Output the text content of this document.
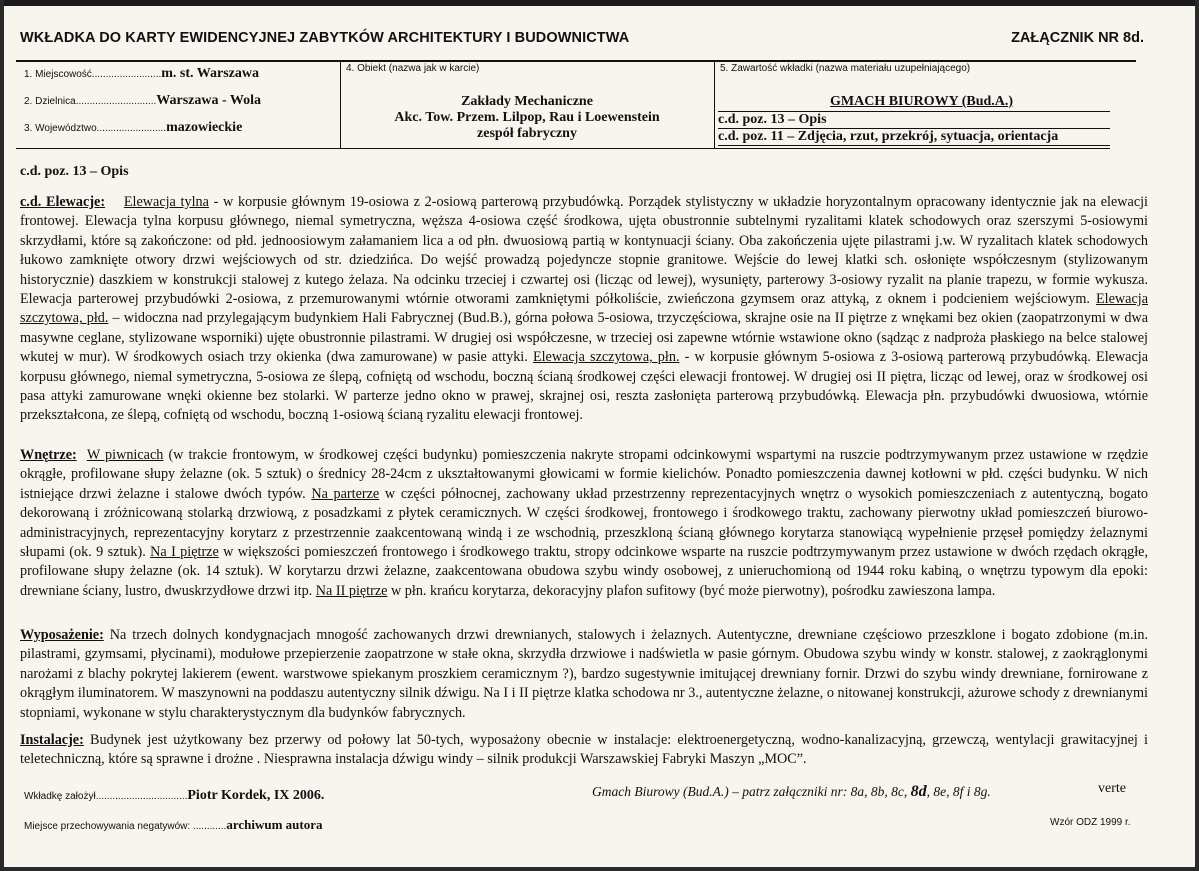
WKŁADKA DO KARTY EWIDENCYJNEJ ZABYTKÓW ARCHITEKTURY I BUDOWNICTWA	ZAŁĄCZNIK NR 8d.
1. Miejscowość.........................m. st. Warszawa
2. Dzielnica.............................Warszawa - Wola
3. Województwo.........................mazowieckie
4. Obiekt (nazwa jak w karcie)
Zakłady Mechaniczne
Akc. Tow. Przem. Lilpop, Rau i Loewenstein
zespół fabryczny
5. Zawartość wkładki (nazwa materiału uzupełniającego)
GMACH BIUROWY (Bud.A.)
c.d. poz. 13 – Opis
c.d. poz. 11 – Zdjęcia, rzut, przekrój, sytuacja, orientacja
c.d. poz. 13 – Opis
c.d. Elewacje: Elewacja tylna - w korpusie głównym 19-osiowa z 2-osiową parterową przybudówką. Porządek stylistyczny w układzie horyzontalnym opracowany identycznie jak na elewacji frontowej. Elewacja tylna korpusu głównego, niemal symetryczna, węższa 4-osiowa część środkowa, ujęta obustronnie subtelnymi ryzalitami klatek schodowych oraz szerszymi 5-osiowymi skrzydłami, które są zakończone: od płd. jednoosiowym załamaniem lica a od płn. dwuosiową partią w kontynuacji ściany. Oba zakończenia ujęte pilastrami j.w. W ryzalitach klatek schodowych łukowo zamknięte otwory drzwi wejściowych od str. dziedzińca. Do wejść prowadzą pojedyncze stopnie granitowe. Wejście do lewej klatki sch. osłonięte współczesnym (stylizowanym historycznie) daszkiem w konstrukcji stalowej z kutego żelaza. Na odcinku trzeciej i czwartej osi (licząc od lewej), wysunięty, parterowy 3-osiowy ryzalit na planie trapezu, w formie wykusza. Elewacja parterowej przybudówki 2-osiowa, z przemurowanymi wtórnie otworami zamkniętymi półkoliście, zwieńczona gzymsem oraz attyką, z oknem i podcieniem wejściowym. Elewacja szczytowa, płd. – widoczna nad przylegającym budynkiem Hali Fabrycznej (Bud.B.), górna połowa 5-osiowa, trzyczęściowa, skrajne osie na II piętrze z wnękami bez okien (zaopatrzonymi w dwa masywne ceglane, stylizowane wsporniki) ujęte obustronnie pilastrami. W drugiej osi współczesne, w trzeciej osi zapewne wtórnie wstawione okno (sądząc z nadproża płaskiego na belce stalowej wkutej w mur). W środkowych osiach trzy okienka (dwa zamurowane) w pasie attyki. Elewacja szczytowa, płn. - w korpusie głównym 5-osiowa z 3-osiową parterową przybudówką. Elewacja korpusu głównego, niemal symetryczna, 5-osiowa ze ślepą, cofniętą od wschodu, boczną ścianą środkowej części elewacji frontowej. W drugiej osi II piętra, licząc od lewej, oraz w środkowej osi pasa attyki zamurowane wnęki okienne bez stolarki. W parterze jedno okno w prawej, skrajnej osi, reszta zasłonięta parterową przybudówką. Elewacja płn. przybudówki dwuosiowa, wtórnie przekształcona, ze ślepą, cofniętą od wschodu, boczną 1-osiową ścianą ryzalitu elewacji frontowej.
Wnętrze: W piwnicach (w trakcie frontowym, w środkowej części budynku) pomieszczenia nakryte stropami odcinkowymi wspartymi na ruszcie podtrzymywanym przez ustawione w rzędzie okrągłe, profilowane słupy żelazne (ok. 5 sztuk) o średnicy 28-24cm z ukształtowanymi głowicami w formie kielichów. Ponadto pomieszczenia dawnej kotłowni w płd. części budynku. W nich istniejące drzwi żelazne i stalowe dwóch typów. Na parterze w części północnej, zachowany układ przestrzenny reprezentacyjnych wnętrz o wysokich pomieszczeniach z autentyczną, bogato dekorowaną i zróżnicowaną stolarką drzwiową, z posadzkami z płytek ceramicznych. W części środkowej, frontowego i środkowego traktu, zachowany pierwotny układ pomieszczeń biurowo-administracyjnych, reprezentacyjny korytarz z przestrzennie zaakcentowaną windą i ze wschodnią, przeszkloną ścianą głównego korytarza stanowiącą wypełnienie przęseł pomiędzy żelaznymi słupami (ok. 9 sztuk). Na I piętrze w większości pomieszczeń frontowego i środkowego traktu, stropy odcinkowe wsparte na ruszcie podtrzymywanym przez ustawione w dwóch rzędach okrągłe, profilowane słupy żelazne (ok. 14 sztuk). W korytarzu drzwi żelazne, zaakcentowana obudowa szybu windy osobowej, z unieruchomioną od 1944 roku kabiną, o wnętrzu typowym dla epoki: drewniane ściany, lustro, dwuskrzydłowe drzwi itp. Na II piętrze w płn. krańcu korytarza, dekoracyjny plafon sufitowy (być może pierwotny), pośrodku zawieszona lampa.
Wyposażenie: Na trzech dolnych kondygnacjach mnogość zachowanych drzwi drewnianych, stalowych i żelaznych. Autentyczne, drewniane częściowo przeszklone i bogato zdobione (m.in. pilastrami, gzymsami, płycinami), modułowe przepierzenie zaopatrzone w stałe okna, skrzydła drzwiowe i nadświetla w pasie górnym. Obudowa szybu windy w konstr. stalowej, z zaokrąglonymi narożami z blachy pokrytej lakierem (ewent. warstwowe spiekanym proszkiem ceramicznym ?), bardzo sugestywnie imitującej drewniany fornir. Drzwi do szybu windy drewniane, fornirowane z okrągłym iluminatorem. W maszynowni na poddaszu autentyczny silnik dźwigu. Na I i II piętrze klatka schodowa nr 3., autentyczne żelazne, o nitowanej konstrukcji, ażurowe schody z drewnianymi stopniami, wykonane w stylu charakterystycznym dla budynków fabrycznych.
Instalacje: Budynek jest użytkowany bez przerwy od połowy lat 50-tych, wyposażony obecnie w instalacje: elektroenergetyczną, wodno-kanalizacyjną, grzewczą, wentylacji grawitacyjnej i teletechniczną, które są sprawne i drożne . Niesprawna instalacja dźwigu windy – silnik produkcji Warszawskiej Fabryki Maszyn „MOC”.
Wkładkę założył.................................Piotr Kordek, IX 2006.	Gmach Biurowy (Bud.A.) – patrz załączniki nr: 8a, 8b, 8c, 8d, 8e, 8f i 8g.	verte
Miejsce przechowywania negatywów: ............archiwum autora	Wzór ODZ 1999 r.
